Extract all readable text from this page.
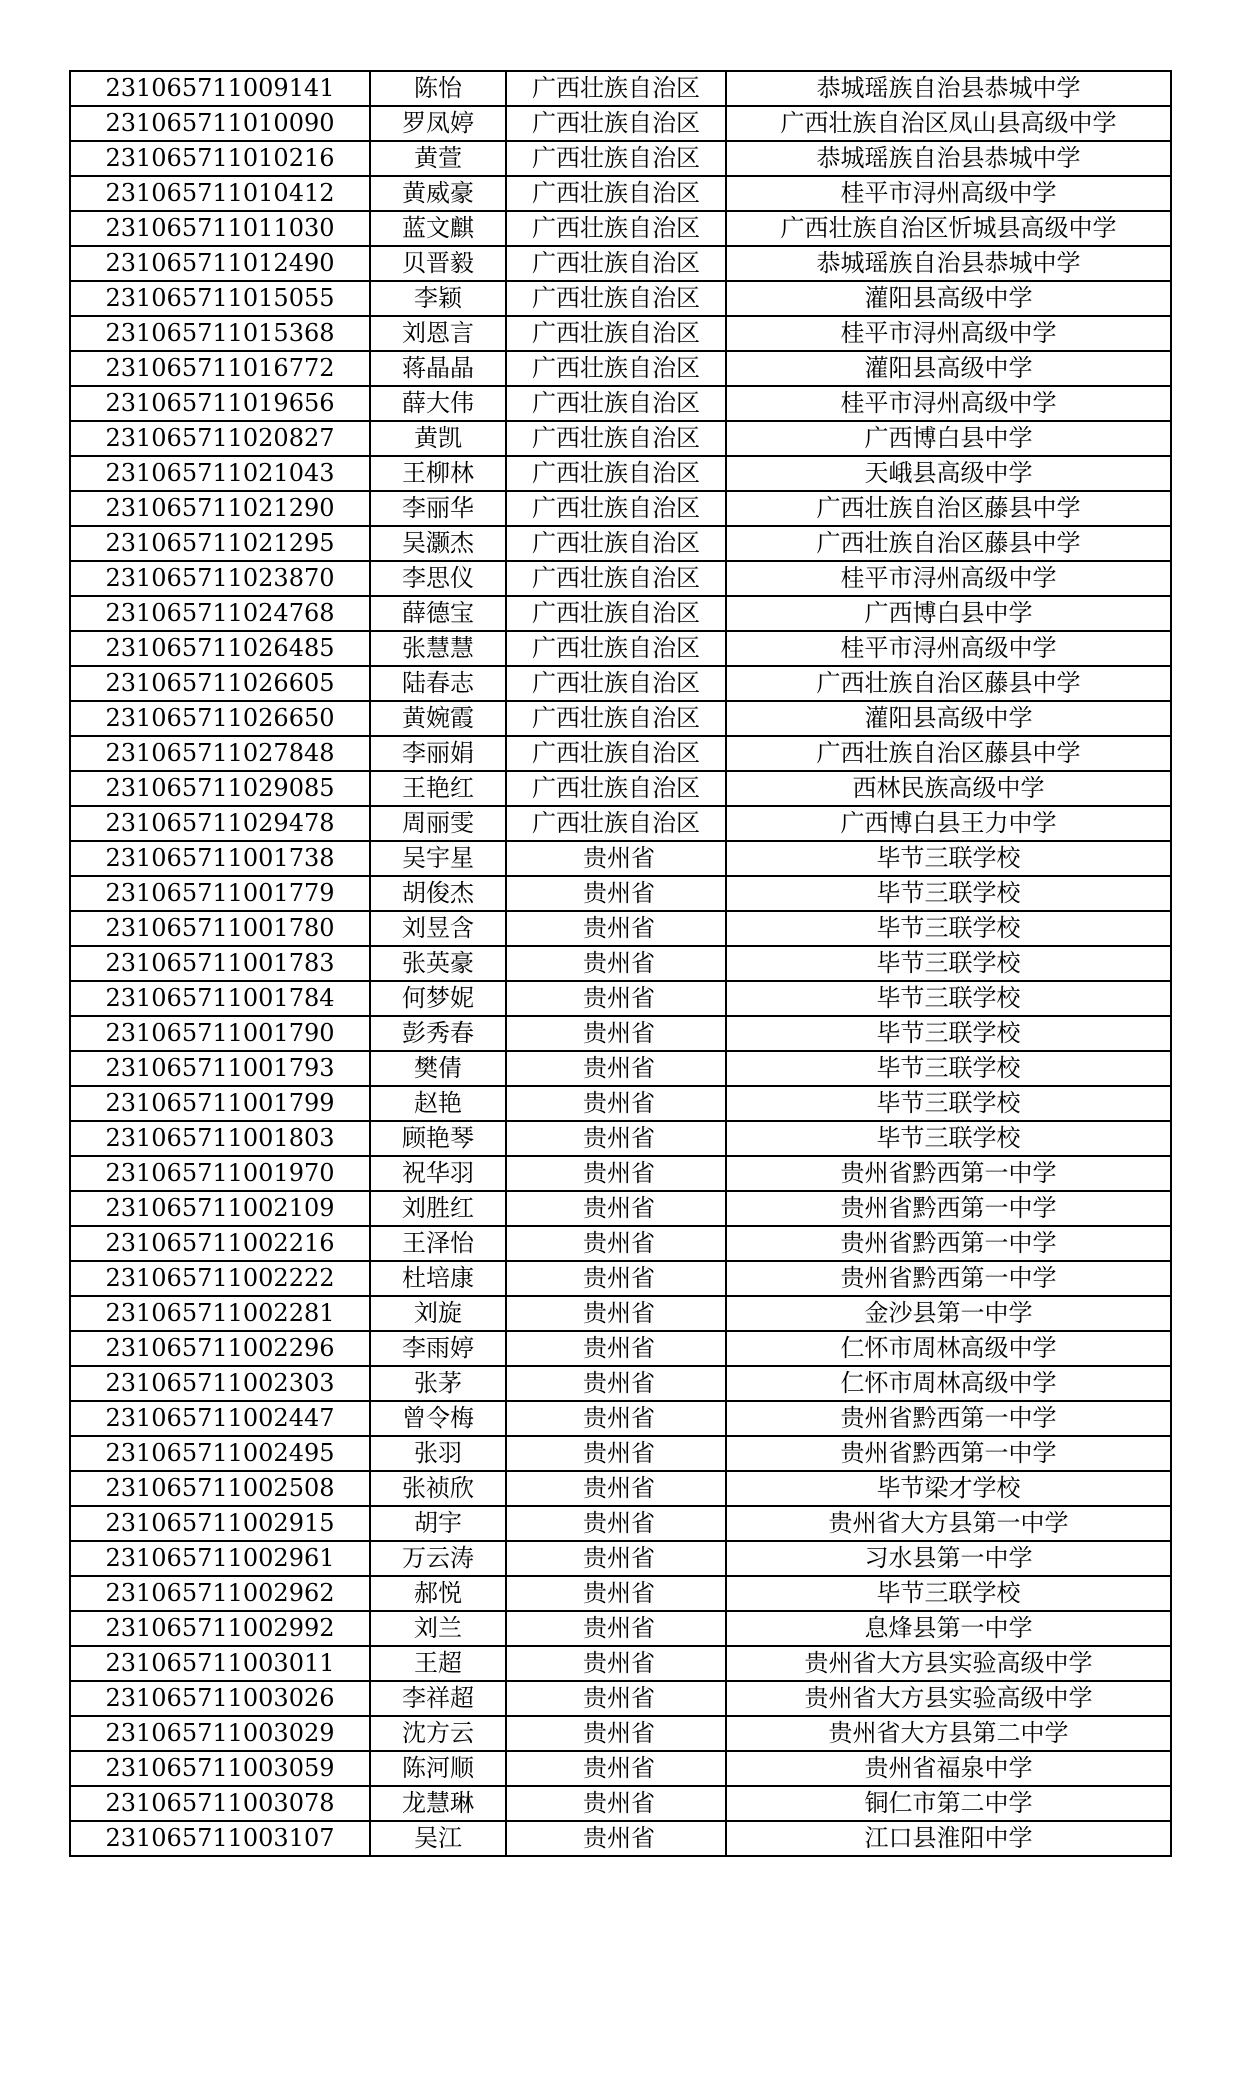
231065711009141	陈怡	广西壮族自治区	恭城瑶族自治县恭城中学
231065711010090	罗凤婷	广西壮族自治区	广西壮族自治区凤山县高级中学
231065711010216	黄萱	广西壮族自治区	恭城瑶族自治县恭城中学
231065711010412	黄威豪	广西壮族自治区	桂平市浔州高级中学
231065711011030	蓝文麒	广西壮族自治区	广西壮族自治区忻城县高级中学
231065711012490	贝晋毅	广西壮族自治区	恭城瑶族自治县恭城中学
231065711015055	李颖	广西壮族自治区	灌阳县高级中学
231065711015368	刘恩言	广西壮族自治区	桂平市浔州高级中学
231065711016772	蒋晶晶	广西壮族自治区	灌阳县高级中学
231065711019656	薛大伟	广西壮族自治区	桂平市浔州高级中学
231065711020827	黄凯	广西壮族自治区	广西博白县中学
231065711021043	王柳林	广西壮族自治区	天峨县高级中学
231065711021290	李丽华	广西壮族自治区	广西壮族自治区藤县中学
231065711021295	吴灏杰	广西壮族自治区	广西壮族自治区藤县中学
231065711023870	李思仪	广西壮族自治区	桂平市浔州高级中学
231065711024768	薛德宝	广西壮族自治区	广西博白县中学
231065711026485	张慧慧	广西壮族自治区	桂平市浔州高级中学
231065711026605	陆春志	广西壮族自治区	广西壮族自治区藤县中学
231065711026650	黄婉霞	广西壮族自治区	灌阳县高级中学
231065711027848	李丽娟	广西壮族自治区	广西壮族自治区藤县中学
231065711029085	王艳红	广西壮族自治区	西林民族高级中学
231065711029478	周丽雯	广西壮族自治区	广西博白县王力中学
231065711001738	吴宇星	贵州省	毕节三联学校
231065711001779	胡俊杰	贵州省	毕节三联学校
231065711001780	刘昱含	贵州省	毕节三联学校
231065711001783	张英豪	贵州省	毕节三联学校
231065711001784	何梦妮	贵州省	毕节三联学校
231065711001790	彭秀春	贵州省	毕节三联学校
231065711001793	樊倩	贵州省	毕节三联学校
231065711001799	赵艳	贵州省	毕节三联学校
231065711001803	顾艳琴	贵州省	毕节三联学校
231065711001970	祝华羽	贵州省	贵州省黔西第一中学
231065711002109	刘胜红	贵州省	贵州省黔西第一中学
231065711002216	王泽怡	贵州省	贵州省黔西第一中学
231065711002222	杜培康	贵州省	贵州省黔西第一中学
231065711002281	刘旋	贵州省	金沙县第一中学
231065711002296	李雨婷	贵州省	仁怀市周林高级中学
231065711002303	张茅	贵州省	仁怀市周林高级中学
231065711002447	曾令梅	贵州省	贵州省黔西第一中学
231065711002495	张羽	贵州省	贵州省黔西第一中学
231065711002508	张祯欣	贵州省	毕节梁才学校
231065711002915	胡宇	贵州省	贵州省大方县第一中学
231065711002961	万云涛	贵州省	习水县第一中学
231065711002962	郝悦	贵州省	毕节三联学校
231065711002992	刘兰	贵州省	息烽县第一中学
231065711003011	王超	贵州省	贵州省大方县实验高级中学
231065711003026	李祥超	贵州省	贵州省大方县实验高级中学
231065711003029	沈方云	贵州省	贵州省大方县第二中学
231065711003059	陈河顺	贵州省	贵州省福泉中学
231065711003078	龙慧琳	贵州省	铜仁市第二中学
231065711003107	吴江	贵州省	江口县淮阳中学
